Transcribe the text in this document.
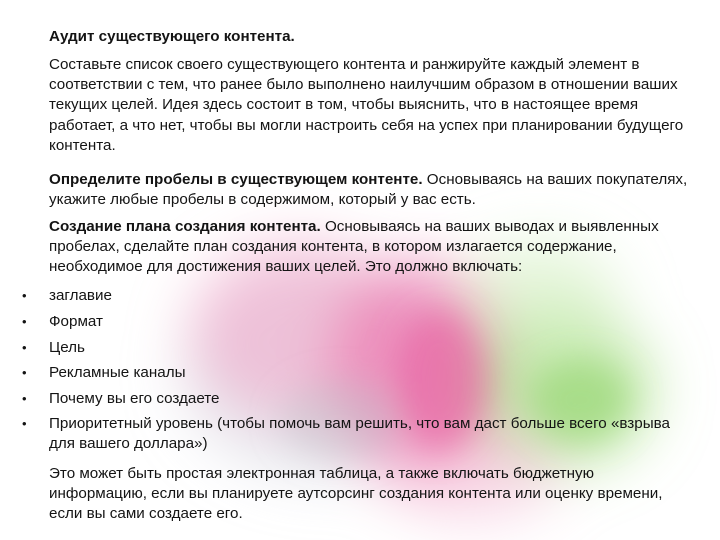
Аудит существующего контента.

Составьте список своего существующего контента и ранжируйте каждый элемент в соответствии с тем, что ранее было выполнено наилучшим образом в отношении ваших текущих целей. Идея здесь состоит в том, чтобы выяснить, что в настоящее время работает, а что нет, чтобы вы могли настроить себя на успех при планировании будущего контента.

Определите пробелы в существующем контенте. Основываясь на ваших покупателях, укажите любые пробелы в содержимом, который у вас есть.

Создание плана создания контента. Основываясь на ваших выводах и выявленных пробелах, сделайте план создания контента, в котором излагается содержание, необходимое для достижения ваших целей. Это должно включать:

• заглавие
• Формат
• Цель
• Рекламные каналы
• Почему вы его создаете
• Приоритетный уровень (чтобы помочь вам решить, что вам даст больше всего «взрыва для вашего доллара»)

Это может быть простая электронная таблица, а также включать бюджетную информацию, если вы планируете аутсорсинг создания контента или оценку времени, если вы сами создаете его.
